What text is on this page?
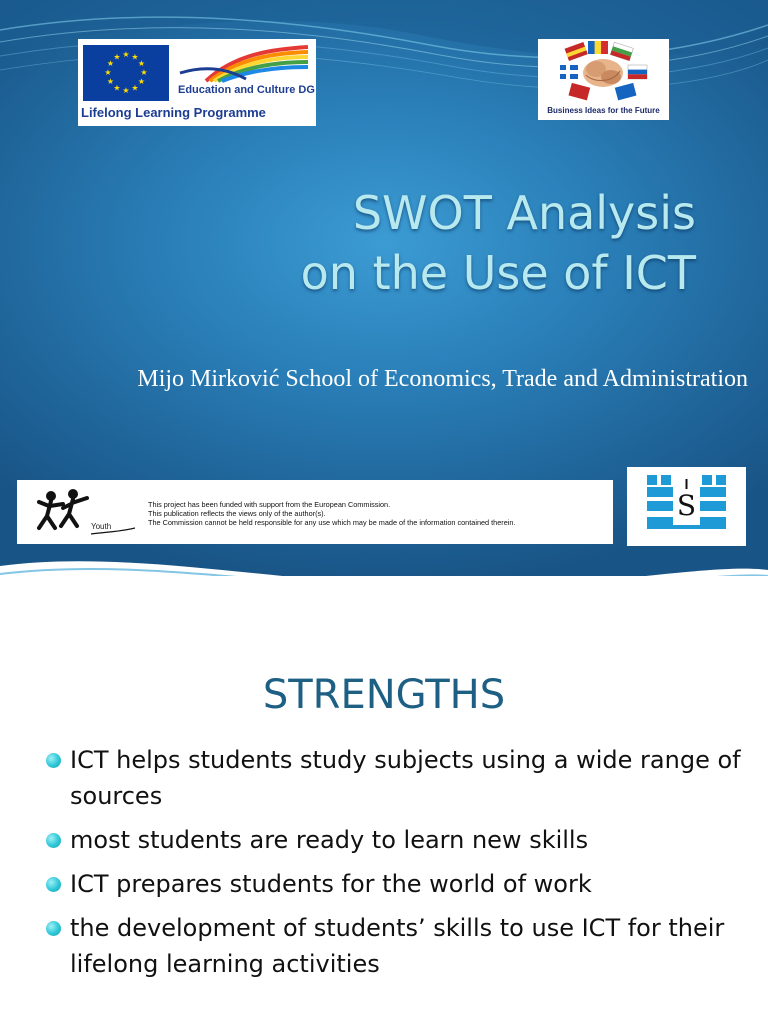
★ ★
★
★
★
★
★
★
★
★
★
★
Education and Culture DG
Lifelong Learning Programme	Business Ideas for the Future
SWOT Analysis
on the Use of ICT
Mijo Mirković School of Economics, Trade and Administration
Youth
This project has been funded with support from the European Commission.
This publication reflects the views only of the author(s).
The Commission cannot be held responsible for any use which may be made of the information contained therein.
S
STRENGTHS
ICT helps students study subjects using a wide range of sources
most students are ready to learn new skills
ICT prepares students for the world of work
the development of students’ skills to use ICT for their lifelong learning activities
